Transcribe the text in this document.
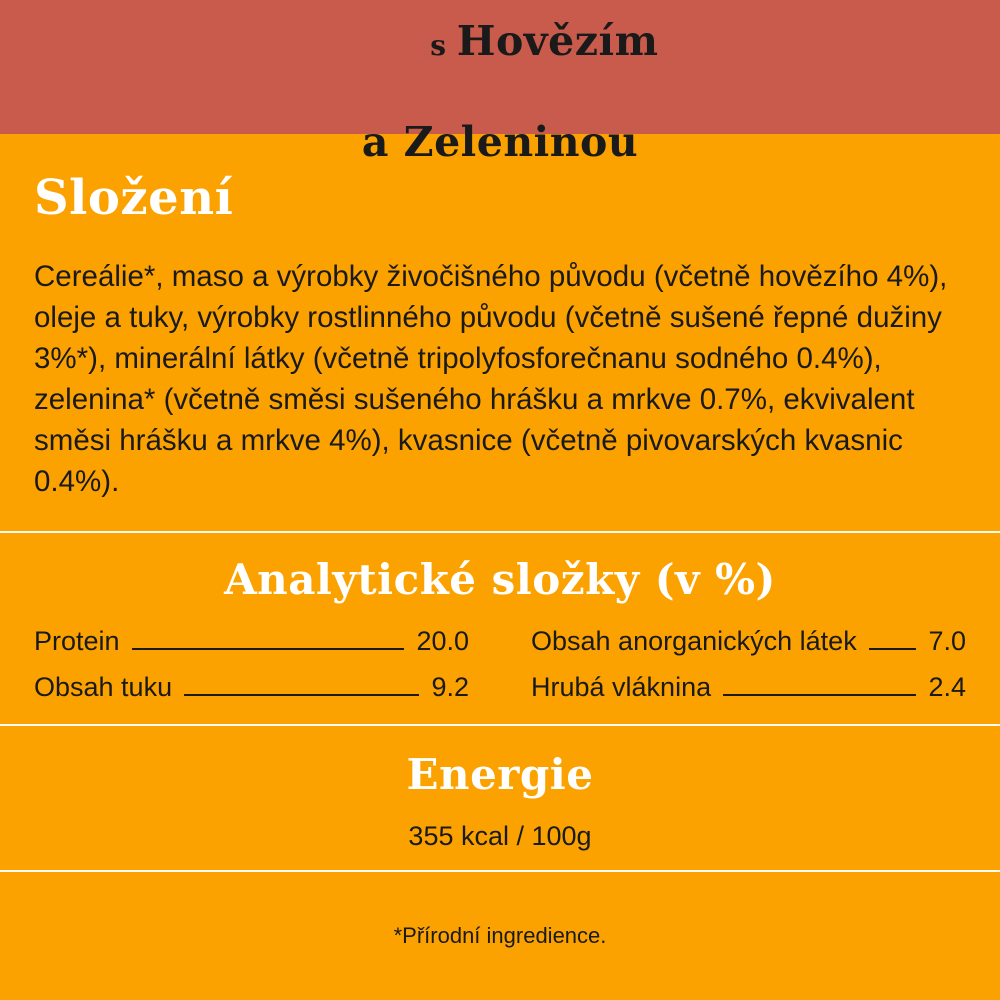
s Hovězím

a Zeleninou
Složení

Cereálie*, maso a výrobky živočišného původu (včetně hovězího 4%), oleje a tuky, výrobky rostlinného původu (včetně sušené řepné dužiny 3%*), minerální látky (včetně tripolyfosforečnanu sodného 0.4%), zelenina* (včetně směsi sušeného hrášku a mrkve 0.7%, ekvivalent směsi hrášku a mrkve 4%), kvasnice (včetně pivovarských kvasnic 0.4%).

Analytické složky (v %)
Protein	20.0 Obsah anorganických látek	7.0
Obsah tuku	9.2 Hrubá vláknina	2.4
Energie
355 kcal / 100g
*Přírodní ingredience.
